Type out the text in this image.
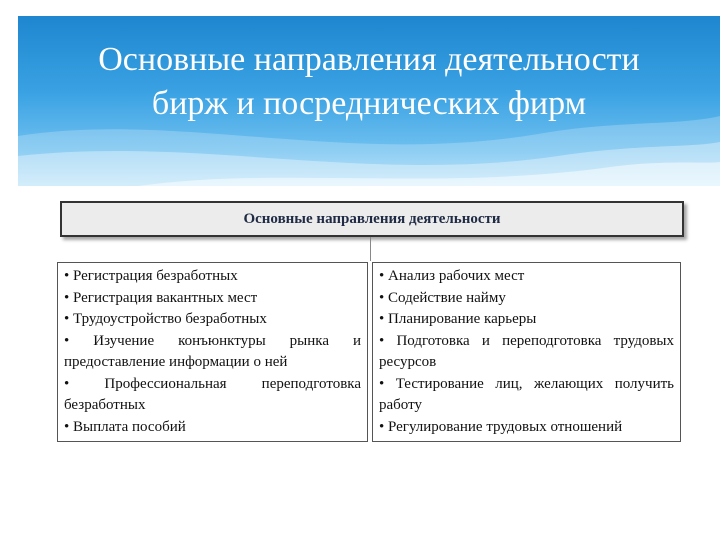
Основные направления деятельности
бирж и посреднических фирм
Основные направления деятельности
• Регистрация безработных
• Регистрация вакантных мест
• Трудоустройство безработных
• Изучение конъюнктуры рынка и предоставление информации о ней
• Профессиональная переподготовка безработных
• Выплата пособий
• Анализ рабочих мест
• Содействие найму
• Планирование карьеры
• Подготовка и переподготовка трудовых ресурсов
• Тестирование лиц, желающих получить работу
• Регулирование трудовых отношений
